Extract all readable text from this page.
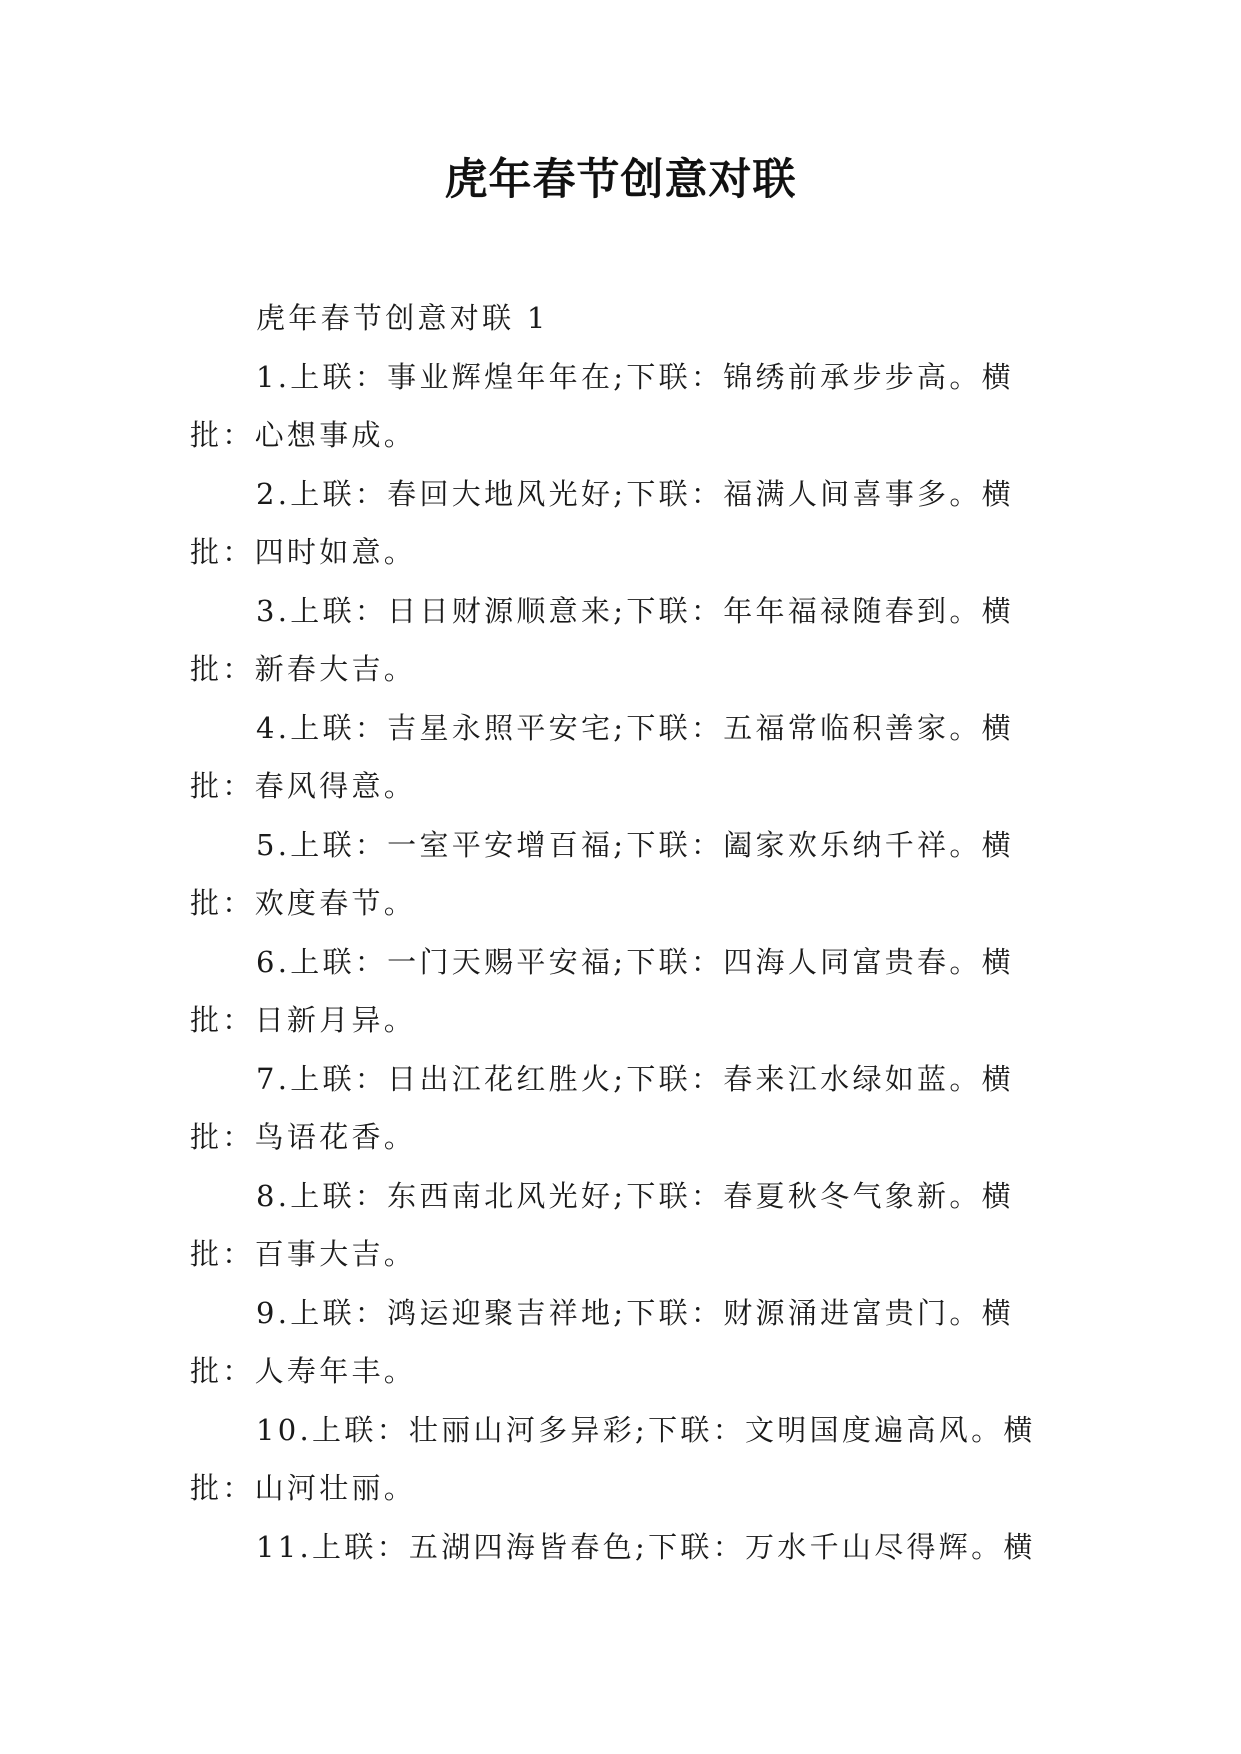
虎年春节创意对联

虎年春节创意对联 1

1.上联：事业辉煌年年在;下联：锦绣前承步步高。横
批：心想事成。

2.上联：春回大地风光好;下联：福满人间喜事多。横
批：四时如意。

3.上联：日日财源顺意来;下联：年年福禄随春到。横
批：新春大吉。

4.上联：吉星永照平安宅;下联：五福常临积善家。横
批：春风得意。

5.上联：一室平安增百福;下联：阖家欢乐纳千祥。横
批：欢度春节。

6.上联：一门天赐平安福;下联：四海人同富贵春。横
批：日新月异。

7.上联：日出江花红胜火;下联：春来江水绿如蓝。横
批：鸟语花香。

8.上联：东西南北风光好;下联：春夏秋冬气象新。横
批：百事大吉。

9.上联：鸿运迎聚吉祥地;下联：财源涌进富贵门。横
批：人寿年丰。

10.上联：壮丽山河多异彩;下联：文明国度遍高风。横
批：山河壮丽。

11.上联：五湖四海皆春色;下联：万水千山尽得辉。横
